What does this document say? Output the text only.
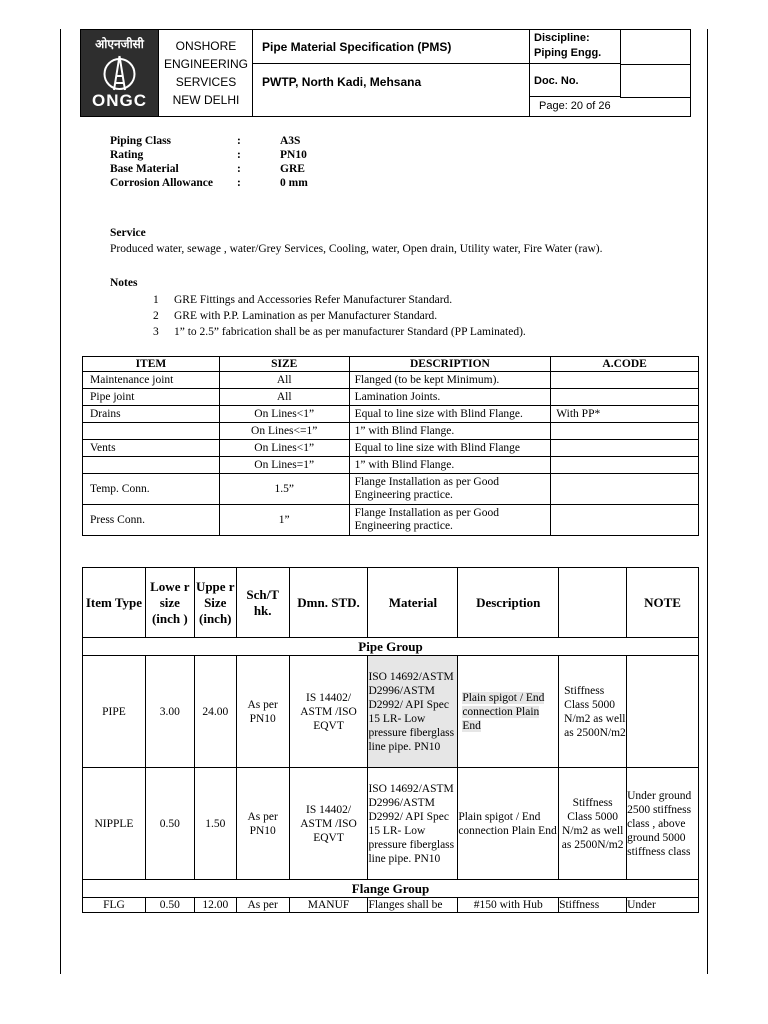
ओएनजीसी
ONGC
ONSHORE
ENGINEERING
SERVICES
NEW DELHI
Pipe Material Specification (PMS)
PWTP, North Kadi, Mehsana
Discipline:
Piping Engg.
Doc. No.
Page: 20 of 26
Piping Class	:	A3S
Rating	:	PN10
Base Material	:	GRE
Corrosion Allowance :	0 mm
Service
Produced water, sewage , water/Grey Services, Cooling, water, Open drain, Utility water, Fire Water (raw).
Notes
1 GRE Fittings and Accessories Refer Manufacturer Standard.
2 GRE with P.P. Lamination as per Manufacturer Standard.
3 1” to 2.5” fabrication shall be as per manufacturer Standard (PP Laminated).
ITEM	SIZE	DESCRIPTION	A.CODE
Maintenance joint	All	Flanged (to be kept Minimum).	
Pipe joint	All	Lamination Joints.	
Drains	On Lines<1”	Equal to line size with Blind Flange.	With PP*
	On Lines<=1”	1” with Blind Flange.	
Vents	On Lines<1”	Equal to line size with Blind Flange	
	On Lines=1”	1” with Blind Flange.	
Temp. Conn.	1.5”	Flange Installation as per Good Engineering practice.	
Press Conn.	1”	Flange Installation as per Good Engineering practice.	
Item Type	Lowe r size (inch )	Uppe r Size (inch)	Sch/T hk.	Dmn. STD.	Material	Description		NOTE
Pipe Group								
PIPE	3.00	24.00	As per PN10	IS 14402/ ASTM /ISO EQVT	ISO 14692/ASTM D2996/ASTM D2992/ API Spec 15 LR- Low pressure fiberglass line pipe. PN10	Plain spigot / End connection Plain End	Stiffness Class 5000 N/m2 as well as 2500N/m2	
NIPPLE	0.50	1.50	As per PN10	IS 14402/ ASTM /ISO EQVT	ISO 14692/ASTM D2996/ASTM D2992/ API Spec 15 LR- Low pressure fiberglass line pipe. PN10	Plain spigot / End connection Plain End	Stiffness Class 5000 N/m2 as well as 2500N/m2	Under ground 2500 stiffness class , above ground 5000 stiffness class
Flange Group								
FLG	0.50	12.00	As per	MANUF	Flanges shall be	#150 with Hub	Stiffness	Under
